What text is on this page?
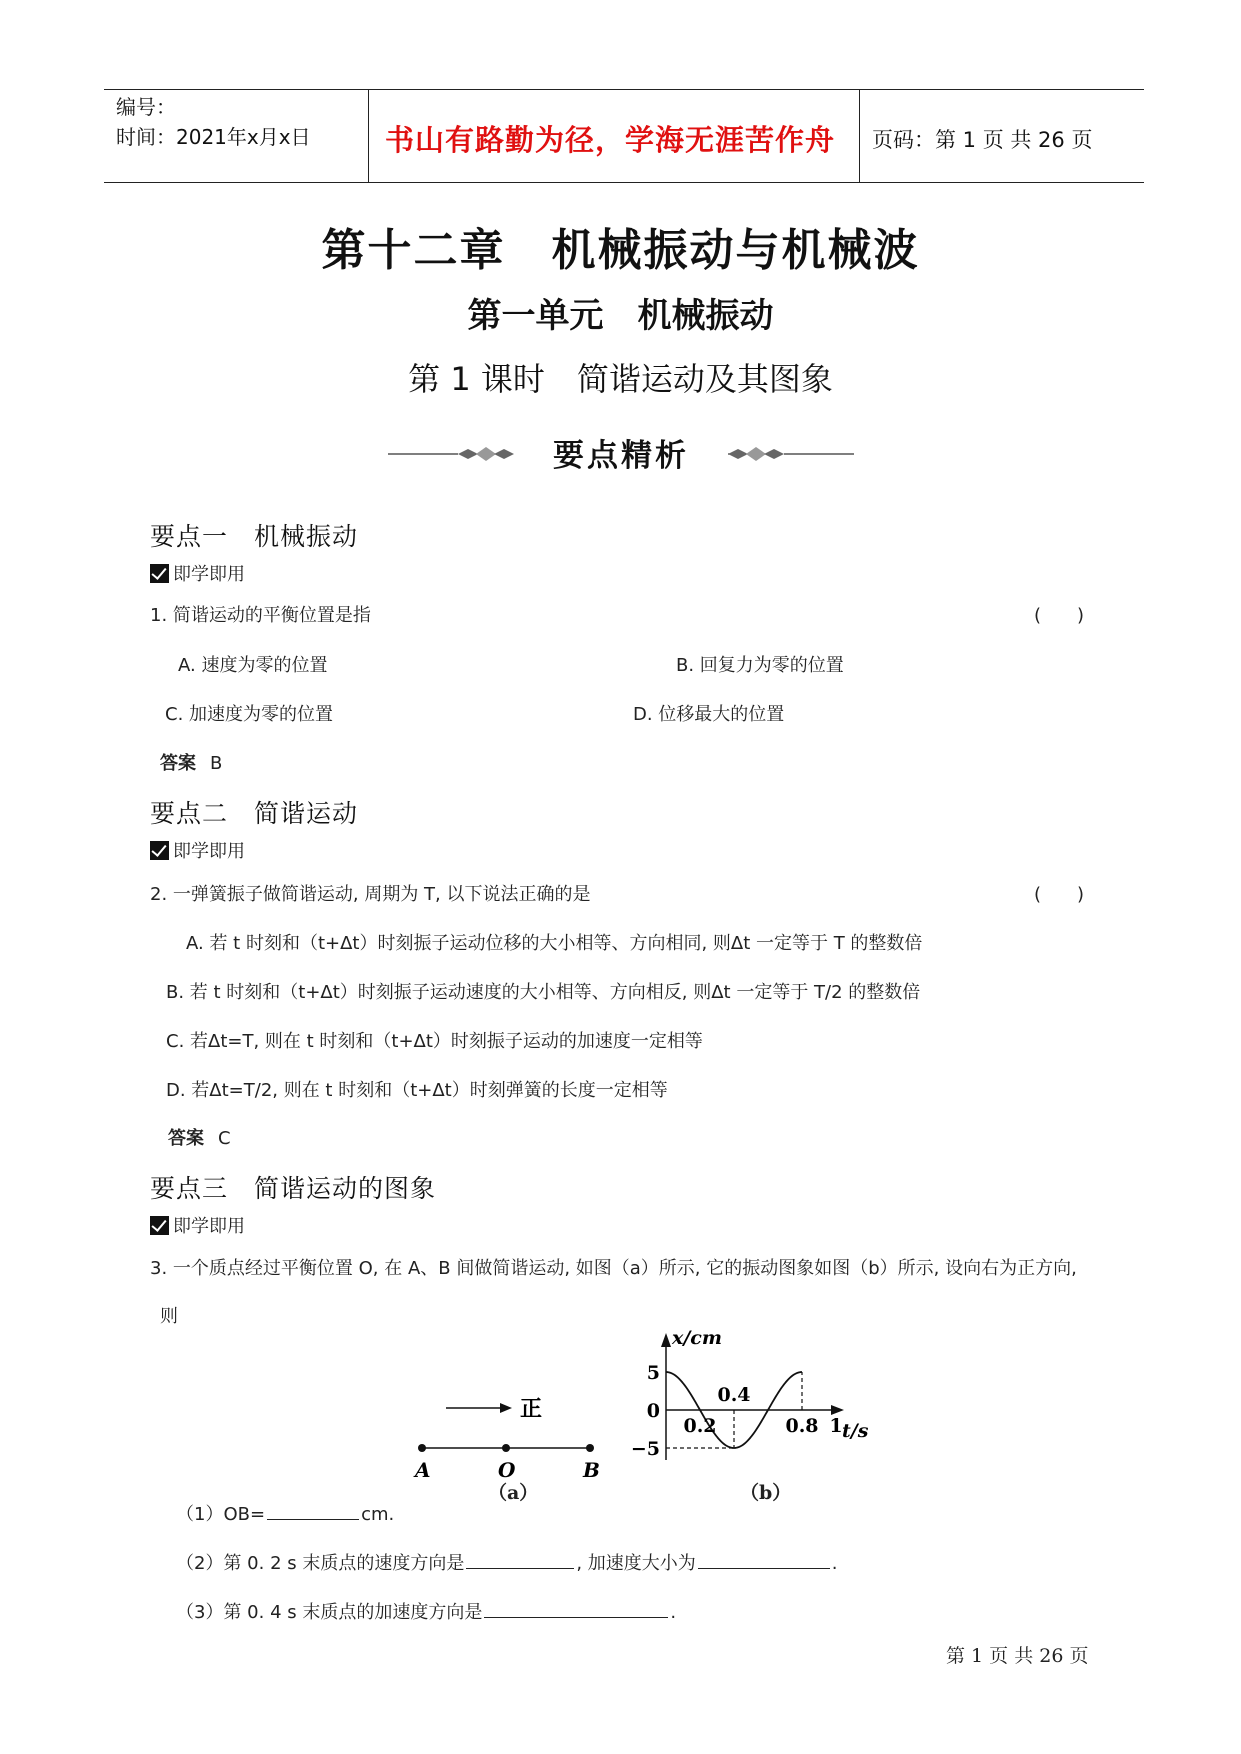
编号：
时间：2021年x月x日	书山有路勤为径，学海无涯苦作舟	页码：第 1 页 共 26 页
第十二章　机械振动与机械波
第一单元　机械振动
第 1 课时　简谐运动及其图象
要点精析
要点一　机械振动
即学即用
1. 简谐运动的平衡位置是指	(　　)
A. 速度为零的位置	B. 回复力为零的位置
C. 加速度为零的位置	D. 位移最大的位置
答案 B
要点二　简谐运动
即学即用
2. 一弹簧振子做简谐运动, 周期为 T, 以下说法正确的是	(　　)
A. 若 t 时刻和（t+Δt）时刻振子运动位移的大小相等、方向相同, 则Δt 一定等于 T 的整数倍
B. 若 t 时刻和（t+Δt）时刻振子运动速度的大小相等、方向相反, 则Δt 一定等于 T/2 的整数倍
C. 若Δt=T, 则在 t 时刻和（t+Δt）时刻振子运动的加速度一定相等
D. 若Δt=T/2, 则在 t 时刻和（t+Δt）时刻弹簧的长度一定相等
答案 C
要点三　简谐运动的图象
即学即用
3. 一个质点经过平衡位置 O, 在 A、B 间做简谐运动, 如图（a）所示, 它的振动图象如图（b）所示, 设向右为正方向,
则
正
A	O	B
（a）
x/cm
t/s
5
0
−5
0.2
0.4
0.8 1
（b）
（1）OB=	cm.
（2）第 0. 2 s 末质点的速度方向是	, 加速度大小为	.
（3）第 0. 4 s 末质点的加速度方向是	.
第 1 页 共 26 页
